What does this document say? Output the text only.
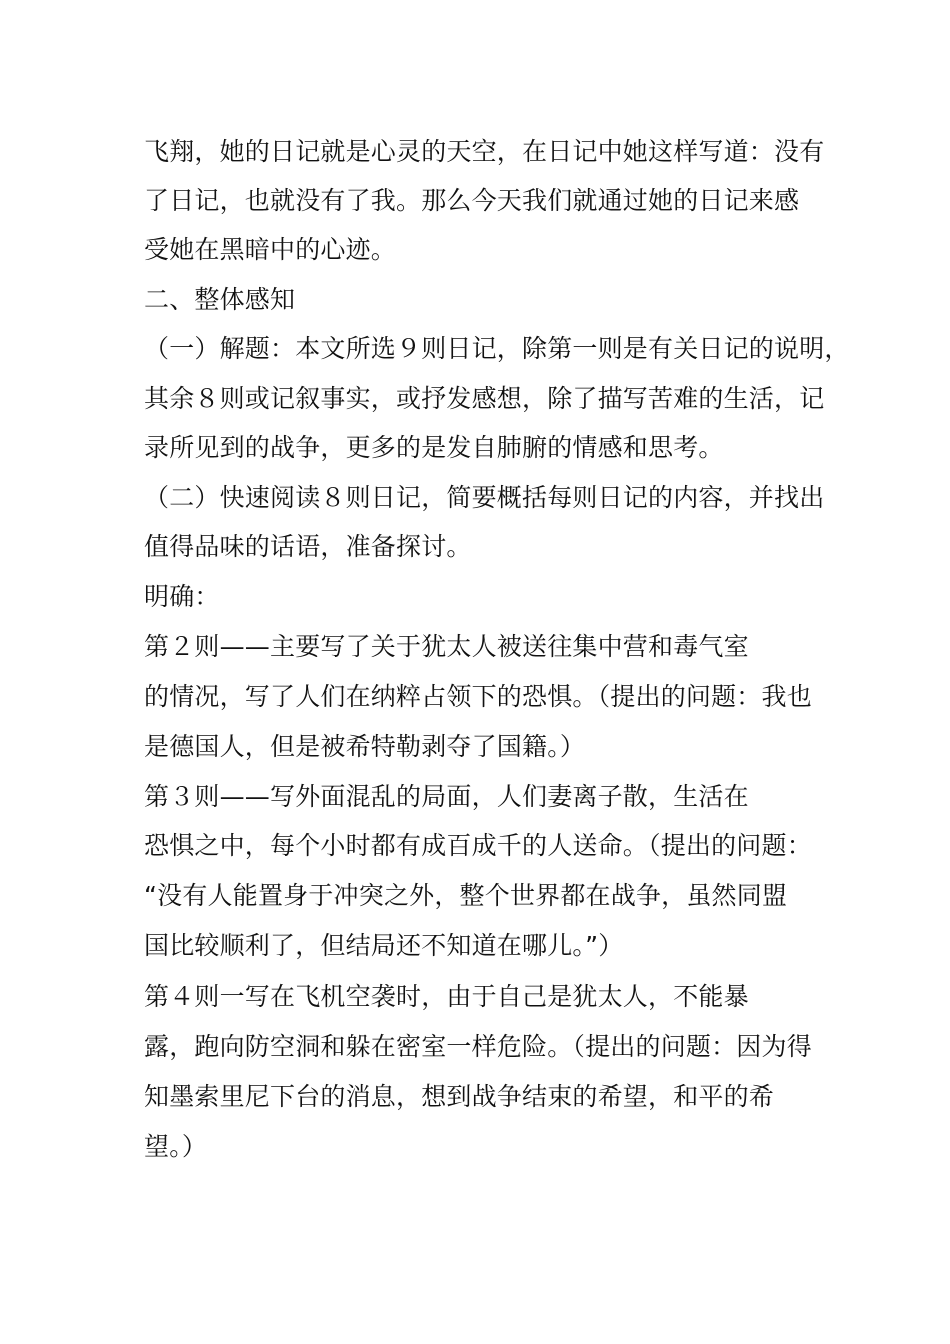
飞翔，她的日记就是心灵的天空，在日记中她这样写道：没有
了日记，也就没有了我。那么今天我们就通过她的日记来感
受她在黑暗中的心迹。
二、整体感知
（一）解题：本文所选９则日记，除第一则是有关日记的说明，
其余８则或记叙事实，或抒发感想，除了描写苦难的生活，记
录所见到的战争，更多的是发自肺腑的情感和思考。
（二）快速阅读８则日记，简要概括每则日记的内容，并找出
值得品味的话语，准备探讨。
明确：
第２则——主要写了关于犹太人被送往集中营和毒气室
的情况，写了人们在纳粹占领下的恐惧。（提出的问题：我也
是德国人，但是被希特勒剥夺了国籍。）
第３则——写外面混乱的局面，人们妻离子散，生活在
恐惧之中，每个小时都有成百成千的人送命。（提出的问题：
“没有人能置身于冲突之外，整个世界都在战争，虽然同盟
国比较顺利了，但结局还不知道在哪儿。”）
第４则一写在飞机空袭时，由于自己是犹太人，不能暴
露，跑向防空洞和躲在密室一样危险。（提出的问题：因为得
知墨索里尼下台的消息，想到战争结束的希望，和平的希
望。）
